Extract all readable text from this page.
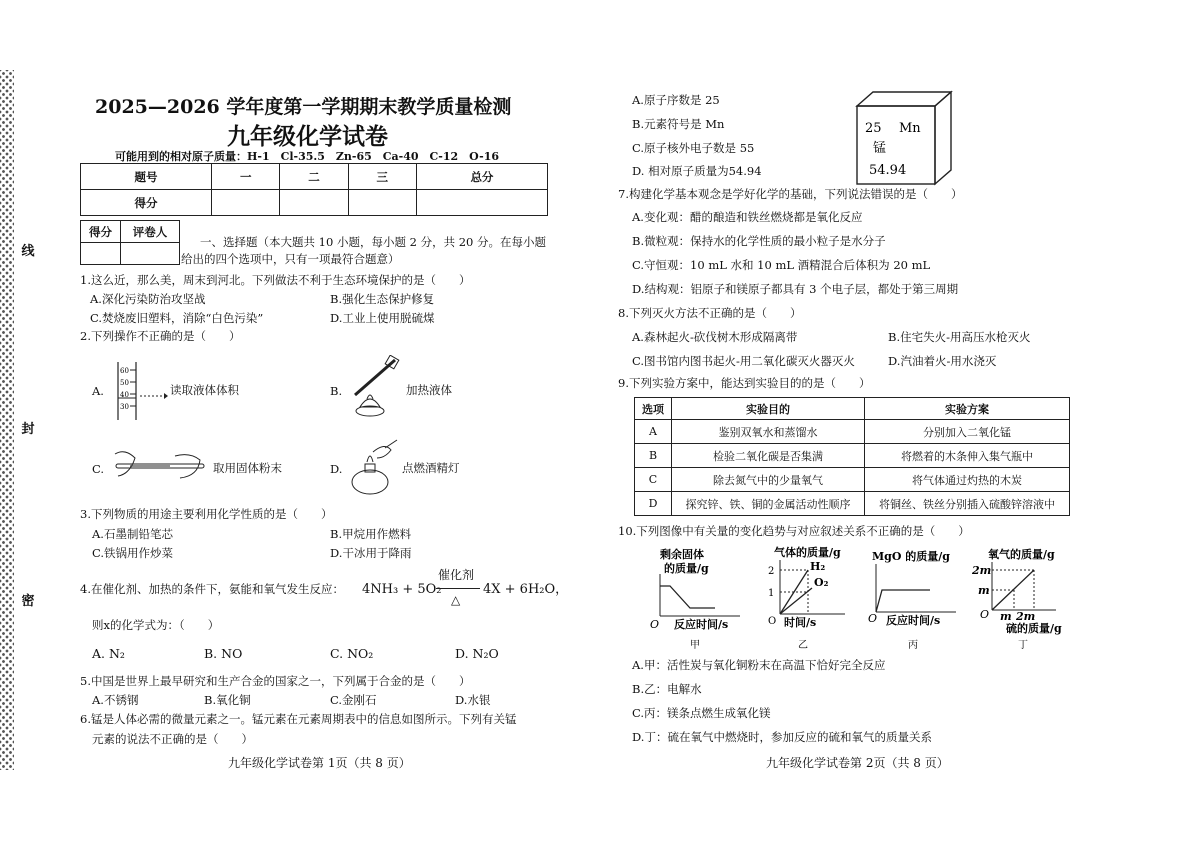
线
封
密
2025—2026 学年度第一学期期末教学质量检测
九年级化学试卷
可能用到的相对原子质量：H-1　Cl-35.5　Zn-65　Ca-40　C-12　O-16
题号	一	二	三	总分
得分				
得分	评卷人

一、选择题（本大题共 10 小题，每小题 2 分，共 20 分。在每小题
给出的四个选项中，只有一项最符合题意）
1.这么近，那么美，周末到河北。下列做法不利于生态环境保护的是（　　）
A.深化污染防治攻坚战	B.强化生态保护修复
C.焚烧废旧塑料，消除“白色污染”	D.工业上使用脱硫煤
2.下列操作不正确的是（　　）
A.
60
50
40
30
读取液体体积	B.	加热液体
C.	取用固体粉末	D.	点燃酒精灯
3.下列物质的用途主要利用化学性质的是（　　）
A.石墨制铅笔芯	B.甲烷用作燃料
C.铁锅用作炒菜	D.干冰用于降雨
4.在催化剂、加热的条件下，氨能和氧气发生反应： 4NH₃ + 5O₂
催化剂
△
4X + 6H₂O，
则x的化学式为：（　　）
A. N₂	B. NO	C. NO₂	D. N₂O
5.中国是世界上最早研究和生产合金的国家之一，下列属于合金的是（　　）
A.不锈钢	B.氧化铜	C.金刚石	D.水银
6.锰是人体必需的微量元素之一。锰元素在元素周期表中的信息如图所示。下列有关锰
元素的说法不正确的是（　　）
九年级化学试卷第 1页（共 8 页）
A.原子序数是 25
B.元素符号是 Mn
C.原子核外电子数是 55
D. 相对原子质量为54.94
25 Mn
锰
54.94
7.构建化学基本观念是学好化学的基础，下列说法错误的是（　　）
A.变化观：醋的酿造和铁丝燃烧都是氧化反应
B.微粒观：保持水的化学性质的最小粒子是水分子
C.守恒观：10 mL 水和 10 mL 酒精混合后体积为 20 mL
D.结构观：铝原子和镁原子都具有 3 个电子层，都处于第三周期
8.下列灭火方法不正确的是（　　）
A.森林起火-砍伐树木形成隔离带	B.住宅失火-用高压水枪灭火
C.图书馆内图书起火-用二氧化碳灭火器灭火	D.汽油着火-用水浇灭
9.下列实验方案中，能达到实验目的的是（　　）
选项	实验目的	实验方案
A	鉴别双氧水和蒸馏水	分别加入二氧化锰
B	检验二氧化碳是否集满	将燃着的木条伸入集气瓶中
C	除去氮气中的少量氧气	将气体通过灼热的木炭
D	探究锌、铁、铜的金属活动性顺序	将铜丝、铁丝分别插入硫酸锌溶液中
10.下列图像中有关量的变化趋势与对应叙述关系不正确的是（　　）
剩余固体
的质量/g
O 反应时间/s
甲
气体的质量/g
H₂
O₂
2
1
O 时间/s
乙
MgO 的质量/g
O 反应时间/s
丙
氧气的质量/g
2m
m
m 2m
O
硫的质量/g
丁
A.甲：活性炭与氧化铜粉末在高温下恰好完全反应
B.乙：电解水
C.丙：镁条点燃生成氧化镁
D.丁：硫在氧气中燃烧时，参加反应的硫和氧气的质量关系
九年级化学试卷第 2页（共 8 页）
